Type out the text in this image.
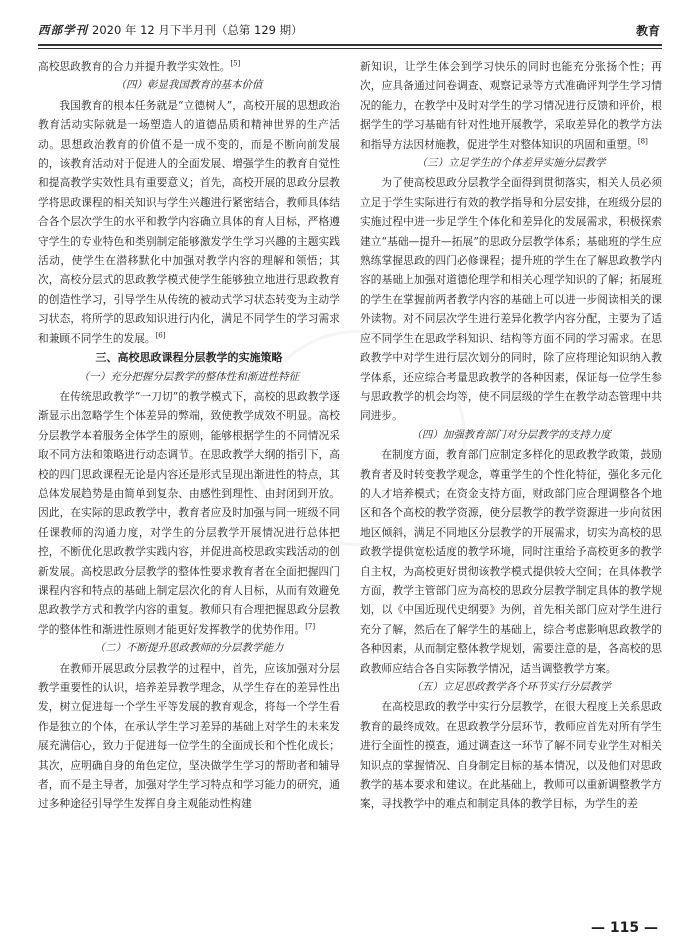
西部学刊 2020 年 12 月下半月刊（总第 129 期）	教育

高校思政教育的合力并提升教学实效性。[5]

（四）彰显我国教育的基本价值

我国教育的根本任务就是“立德树人”，高校开展的思想政治教育活动实际就是一场塑造人的道德品质和精神世界的生产活动。思想政治教育的价值不是一成不变的，而是不断向前发展的，该教育活动对于促进人的全面发展、增强学生的教育自觉性和提高教学实效性具有重要意义；首先，高校开展的思政分层教学将思政课程的相关知识与学生兴趣进行紧密结合，教师具体结合各个层次学生的水平和教学内容确立具体的育人目标，严格遵守学生的专业特色和类别制定能够激发学生学习兴趣的主题实践活动，使学生在潜移默化中加强对教学内容的理解和领悟；其次，高校分层式的思政教学模式使学生能够独立地进行思政教育的创造性学习，引导学生从传统的被动式学习状态转变为主动学习状态，将所学的思政知识进行内化，满足不同学生的学习需求和兼顾不同学生的发展。[6]

三、高校思政课程分层教学的实施策略
（一）充分把握分层教学的整体性和渐进性特征

在传统思政教学“一刀切”的教学模式下，高校的思政教学逐渐显示出忽略学生个体差异的弊端，致使教学成效不明显。高校分层教学本着服务全体学生的原则，能够根据学生的不同情况采取不同方法和策略进行动态调节。在思政教学大纲的指引下，高校的四门思政课程无论是内容还是形式呈现出渐进性的特点，其总体发展趋势是由简单到复杂、由感性到理性、由封闭到开放。因此，在实际的思政教学中，教育者应及时加强与同一班级不同任课教师的沟通力度，对学生的分层教学开展情况进行总体把控，不断优化思政教学实践内容，并促进高校思政实践活动的创新发展。高校思政分层教学的整体性要求教育者在全面把握四门课程内容和特点的基础上制定层次化的育人目标，从而有效避免思政教学方式和教学内容的重复。教师只有合理把握思政分层教学的整体性和渐进性原则才能更好发挥教学的优势作用。[7]

（二）不断提升思政教师的分层教学能力

在教师开展思政分层教学的过程中，首先，应该加强对分层教学重要性的认识，培养差异教学理念，从学生存在的差异性出发，树立促进每一个学生平等发展的教育观念，将每一个学生看作是独立的个体，在承认学生学习差异的基础上对学生的未来发展充满信心，致力于促进每一位学生的全面成长和个性化成长；其次，应明确自身的角色定位，坚决做学生学习的帮助者和辅导者，而不是主导者，加强对学生学习特点和学习能力的研究，通过多种途径引导学生发挥自身主观能动性构建

新知识，让学生体会到学习快乐的同时也能充分张扬个性；再次，应具备通过问卷调查、观察记录等方式准确评判学生学习情况的能力，在教学中及时对学生的学习情况进行反馈和评价，根据学生的学习基础有针对性地开展教学，采取差异化的教学方法和指导方法因材施教，促进学生对整体知识的巩固和重塑。[8]

（三）立足学生的个体差异实施分层教学

为了使高校思政分层教学全面得到贯彻落实，相关人员必须立足于学生实际进行有效的教学指导和分层安排，在班级分层的实施过程中进一步足学生个体化和差异化的发展需求，积极探索建立“基础—提升—拓展”的思政分层教学体系；基础班的学生应熟练掌握思政的四门必修课程；提升班的学生在了解思政教学内容的基础上加强对道德伦理学和相关心理学知识的了解；拓展班的学生在掌握前两者教学内容的基础上可以进一步阅读相关的课外读物。对不同层次学生进行差异化教学内容分配，主要为了适应不同学生在思政学科知识、结构等方面不同的学习需求。在思政教学中对学生进行层次划分的同时，除了应将理论知识纳入教学体系，还应综合考量思政教学的各种因素，保证每一位学生参与思政教学的机会均等，使不同层级的学生在教学动态管理中共同进步。

（四）加强教育部门对分层教学的支持力度

在制度方面，教育部门应制定多样化的思政教学政策，鼓励教育者及时转变教学观念，尊重学生的个性化特征，强化多元化的人才培养模式；在资金支持方面，财政部门应合理调整各个地区和各个高校的教学资源，使分层教学的教学资源进一步向贫困地区倾斜，满足不同地区分层教学的开展需求，切实为高校的思政教学提供宽松适度的教学环境，同时注重给予高校更多的教学自主权，为高校更好贯彻该教学模式提供较大空间；在具体教学方面，教学主管部门应为高校的思政分层教学制定具体的教学规划，以《中国近现代史纲要》为例，首先相关部门应对学生进行充分了解，然后在了解学生的基础上，综合考虑影响思政教学的各种因素，从而制定整体教学规划，需要注意的是，各高校的思政教师应结合各自实际教学情况，适当调整教学方案。

（五）立足思政教学各个环节实行分层教学

在高校思政的教学中实行分层教学，在很大程度上关系思政教育的最终成效。在思政教学分层环节，教师应首先对所有学生进行全面性的摸查，通过调查这一环节了解不同专业学生对相关知识点的掌握情况、自身制定目标的基本情况，以及他们对思政教学的基本要求和建议。在此基础上，教师可以重新调整教学方案，寻找教学中的难点和制定具体的教学目标，为学生的差

— 115 —
